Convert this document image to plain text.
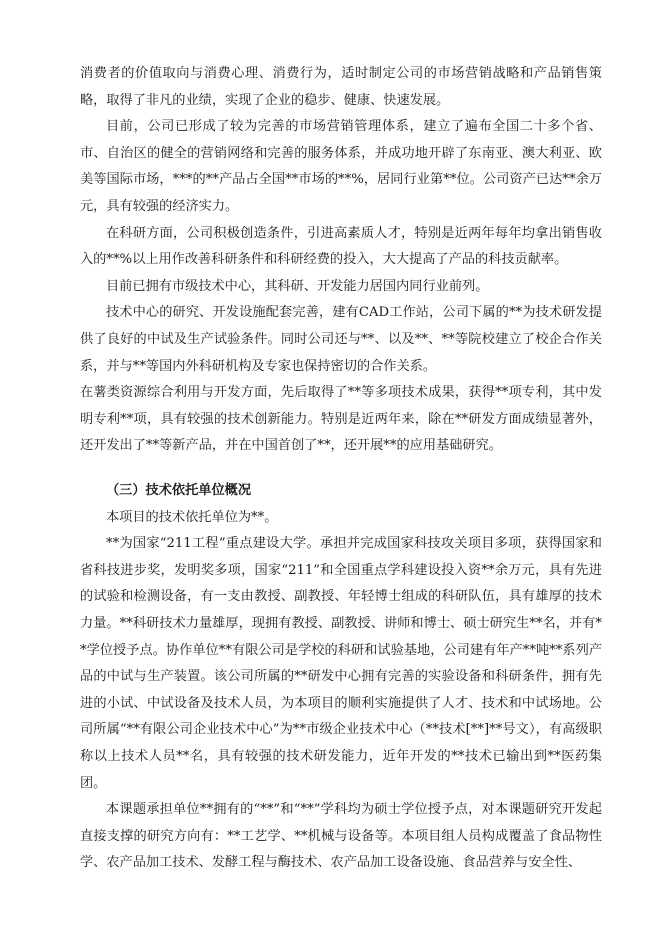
消费者的价值取向与消费心理、消费行为，适时制定公司的市场营销战略和产品销售策略，取得了非凡的业绩，实现了企业的稳步、健康、快速发展。

目前，公司已形成了较为完善的市场营销管理体系，建立了遍布全国二十多个省、市、自治区的健全的营销网络和完善的服务体系，并成功地开辟了东南亚、澳大利亚、欧美等国际市场，***的**产品占全国**市场的**%，居同行业第**位。公司资产已达**余万元，具有较强的经济实力。

在科研方面，公司积极创造条件，引进高素质人才，特别是近两年每年均拿出销售收入的**%以上用作改善科研条件和科研经费的投入，大大提高了产品的科技贡献率。

目前已拥有市级技术中心，其科研、开发能力居国内同行业前列。

技术中心的研究、开发设施配套完善，建有CAD工作站，公司下属的**为技术研发提供了良好的中试及生产试验条件。同时公司还与**、以及**、**等院校建立了校企合作关系，并与**等国内外科研机构及专家也保持密切的合作关系。

在薯类资源综合利用与开发方面，先后取得了**等多项技术成果，获得**项专利，其中发明专利**项，具有较强的技术创新能力。特别是近两年来，除在**研发方面成绩显著外，还开发出了**等新产品，并在中国首创了**，还开展**的应用基础研究。

（三）技术依托单位概况

本项目的技术依托单位为**。

**为国家“211工程”重点建设大学。承担并完成国家科技攻关项目多项，获得国家和省科技进步奖，发明奖多项，国家“211”和全国重点学科建设投入资**余万元，具有先进的试验和检测设备，有一支由教授、副教授、年轻博士组成的科研队伍，具有雄厚的技术力量。**科研技术力量雄厚，现拥有教授、副教授、讲师和博士、硕士研究生**名，并有**学位授予点。协作单位**有限公司是学校的科研和试验基地，公司建有年产**吨**系列产品的中试与生产装置。该公司所属的**研发中心拥有完善的实验设备和科研条件，拥有先进的小试、中试设备及技术人员，为本项目的顺利实施提供了人才、技术和中试场地。公司所属“**有限公司企业技术中心”为**市级企业技术中心（**技术[**]**号文），有高级职称以上技术人员**名，具有较强的技术研发能力，近年开发的**技术已输出到**医药集团。

本课题承担单位**拥有的“**”和“**”学科均为硕士学位授予点，对本课题研究开发起直接支撑的研究方向有：**工艺学、**机械与设备等。本项目组人员构成覆盖了食品物性学、农产品加工技术、发酵工程与酶技术、农产品加工设备设施、食品营养与安全性、
